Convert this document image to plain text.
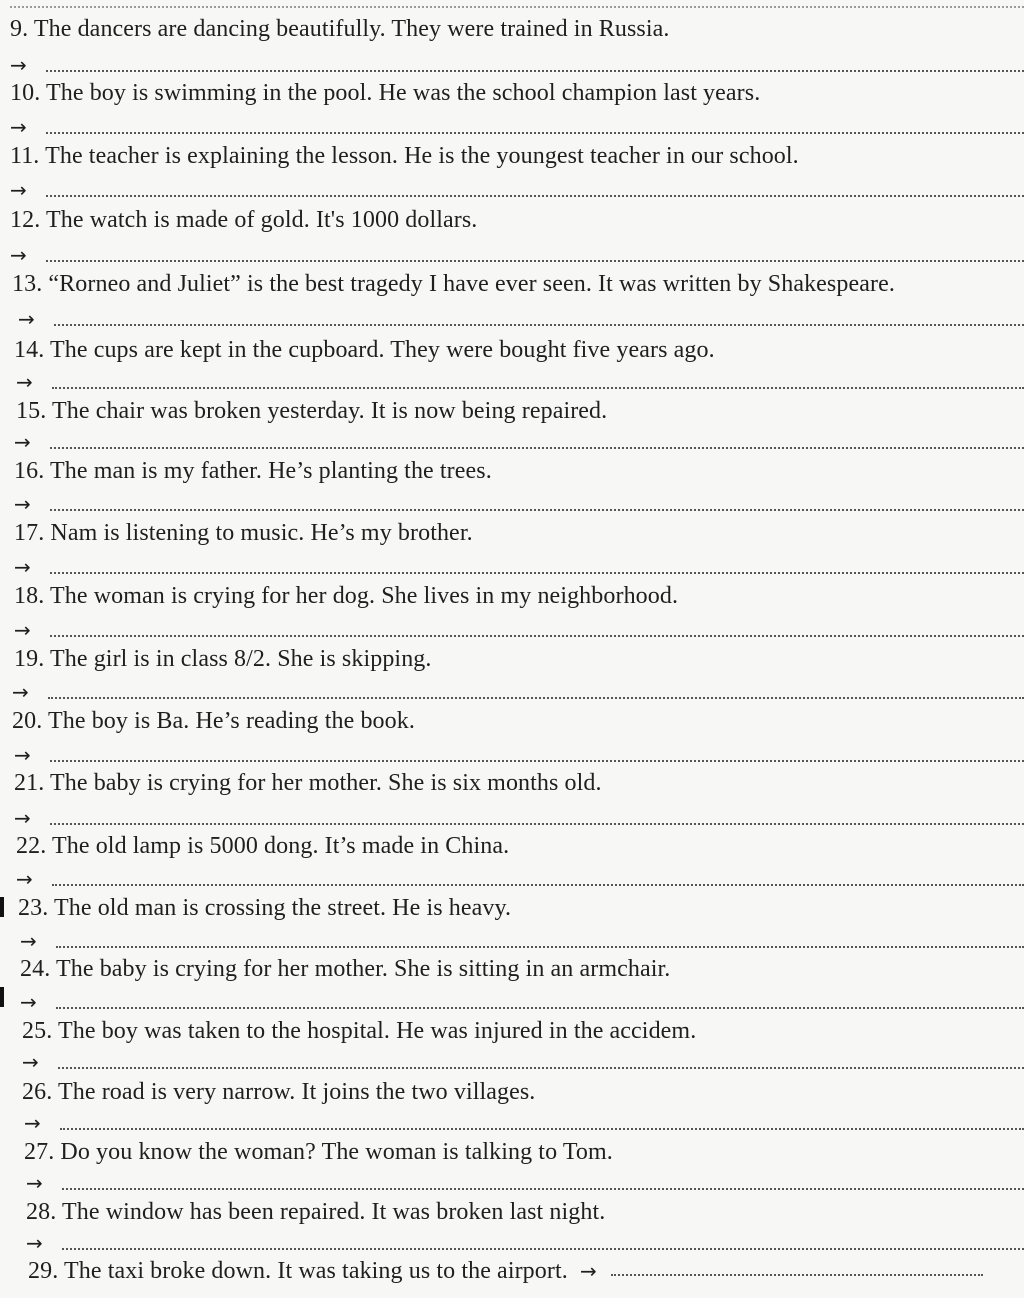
9. The dancers are dancing beautifully. They were trained in Russia.
→
10. The boy is swimming in the pool. He was the school champion last years.
→
11. The teacher is explaining the lesson. He is the youngest teacher in our school.
→
12. The watch is made of gold. It's 1000 dollars.
→
13. “Rorneo and Juliet” is the best tragedy I have ever seen. It was written by Shakespeare.
→
14. The cups are kept in the cupboard. They were bought five years ago.
→
15. The chair was broken yesterday. It is now being repaired.
→
16. The man is my father. He’s planting the trees.
→
17. Nam is listening to music. He’s my brother.
→
18. The woman is crying for her dog. She lives in my neighborhood.
→
19. The girl is in class 8/2. She is skipping.
→
20. The boy is Ba. He’s reading the book.
→
21. The baby is crying for her mother. She is six months old.
→
22. The old lamp is 5000 dong. It’s made in China.
→
23. The old man is crossing the street. He is heavy.
→
24. The baby is crying for her mother. She is sitting in an armchair.
→
25. The boy was taken to the hospital. He was injured in the accidem.
→
26. The road is very narrow. It joins the two villages.
→
27. Do you know the woman? The woman is talking to Tom.
→
28. The window has been repaired. It was broken last night.
→
29. The taxi broke down. It was taking us to the airport. →
